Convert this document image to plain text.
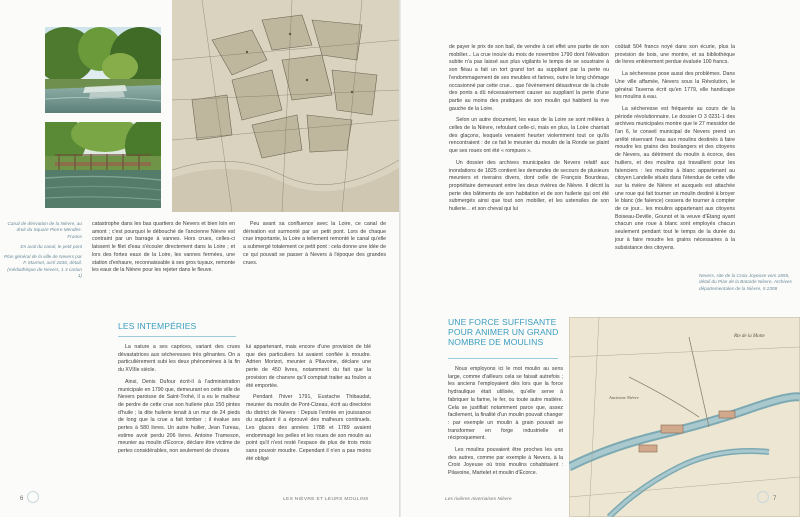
Canal de dérivation de la Nièvre, au droit du Square Pierre Mendès-France

En aval du canal, le petit pont

Plan général de la ville de Nevers par F. Marmet, avril 1836, détail. (médiathèque de Nevers, 1 3 carton 1)

catastrophe dans les bas quartiers de Nevers et bien loin en amont ; c'est pourquoi le débouché de l'ancienne Nièvre est contraint par un barrage à vannes. Hors crues, celles-ci laissent le filet d'eau s'écouler directement dans la Loire ; et lors des fortes eaux de la Loire, les vannes fermées, une station d'exhaure, reconnaissable à ses gros tuyaux, remonte les eaux de la Nièvre pour les rejeter dans le fleuve.

Peu avant sa confluence avec la Loire, ce canal de dérivation est surmonté par un petit pont. Lors de chaque crue importante, la Loire a tellement remonté le canal qu'elle a submergé totalement ce petit pont : cela donne une idée de ce qui pouvait se passer à Nevers à l'époque des grandes crues.

LES INTEMPÉRIES

La nature a ses caprices, variant des crues dévastatrices aux sécheresses très gênantes. On a particulièrement subi les deux phénomènes à la fin du XVIIIe siècle.

Ainsi, Denis Dufour écrit-il à l'administration municipale en 1790 que, demeurant en cette ville de Nevers paroisse de Saint-Trohé, il a eu le malheur de perdre de cette crue son huilerie plus 150 pintes d'huile ; la dite huilerie tenait à un mur de 24 pieds de long que la crue a fait tomber ; il évalue ses pertes à 580 livres. Un autre huilier, Jean Tureau, estime avoir perdu 206 livres. Antoine Trameson, meunier au moulin d'Écorce, déclare être victime de pertes considérables, non seulement de choses

lui appartenant, mais encore d'une provision de blé que des particuliers lui avaient confiée à moudre. Adrien Morizot, meunier à Pilavoine, déclare une perte de 450 livres, notamment du fait que la provision de chanvre qu'il comptait traiter au foulon a été emportée.

Pendant l'hiver 1791, Eustache Thibaudat, meunier du moulin de Pont-Cizeau, écrit au directoire du district de Nevers : Depuis l'entrée en jouissance du suppliant il a éprouvé des malheurs continuels. Les glaces des années 1788 et 1789 avaient endommagé les pelles et les roues de son moulin au point qu'il n'est resté l'espace de plus de trois mois sans pouvoir moudre. Cependant il n'en a pas moins été obligé

6	LES NIÈVRE ET LEURS MOULINS

de payer le prix de son bail, de vendre à cet effet une partie de son mobilier... La crue inouïe du mois de novembre 1790 dont l'élévation subite n'a pas laissé aux plus vigilants le temps de se soustraire à son fléau a fait un tort grand tort au suppliant par la perte ou l'endommagement de ses meubles et farines, outre le long chômage occasionné par cette crue... que l'événement désastreux de la chute des ponts a dû nécessairement causer au suppliant la perte d'une partie au moins des pratiques de son moulin qui habitent la rive gauche de la Loire.

Selon un autre document, les eaux de la Loire se sont mêlées à celles de la Nièvre, refoulant celle-ci, mais en plus, la Loire charriait des glaçons, lesquels venaient heurter violemment tout ce qu'ils rencontraient : de ce fait le meunier du moulin de la Ronde se plaint que ses roues ont été « rompues ».

Un dossier des archives municipales de Nevers relatif aux inondations de 1825 contient les demandes de secours de plusieurs meuniers et riverains divers, dont celle de François Bourdeau, propriétaire demeurant entre les deux rivières de Nièvre. Il décrit la perte des bâtiments de son habitation et de son huilerie qui ont été submergés ainsi que tout son mobilier, et les ustensiles de son huilerie... et son cheval qui lui

coûtait 504 francs noyé dans son écurie, plus la provision de bois, une montre, et sa bibliothèque de livres entièrement perdue évaluée 100 francs.

La sécheresse pose aussi des problèmes. Dans Une ville affamée, Nevers sous la Révolution, le général Taverna écrit qu'en 1779, elle handicape les moulins à eau.

La sécheresse est fréquente au cours de la période révolutionnaire. Le dossier O 3 0231-1 des archives municipales montre que le 27 messidor de l'an 6, le conseil municipal de Nevers prend un arrêté réservant l'eau aux moulins destinés à faire moudre les grains des boulangers et des citoyens de Nevers, au détriment du moulin à écorce, des huiliers, et des moulins qui travaillent pour les faïenciers : les moulins à blanc appartenant au citoyen Landelle situés dans l'étendue de cette ville sur la rivière de Nièvre et auxquels est attachée une roue qui fait tourner un moulin destiné à broyer le blanc (de faïence) cessera de tourner à compter de ce jour... les moulins appartenant aux citoyens Boiseau-Deville, Gounot et la veuve d'Étang ayant chacun une roue à blanc sont employés chacun seulement pendant tout le temps de la durée du jour à faire moudre les grains nécessaires à la subsistance des citoyens.

Nevers, site de la Croix Joyeuse vers 1855, détail du Plan de la Batarde Nièvre, Archives départementales de la Nièvre, 5 2308
UNE FORCE SUFFISANTE POUR ANIMER UN GRAND NOMBRE DE MOULINS

Nous employons ici le mot moulin au sens large, comme d'ailleurs cela se faisait autrefois ; les anciens l'employaient dès lors que la force hydraulique était utilisée, qu'elle serve à fabriquer la farine, le fer, ou toute autre matière. Cela se justifiait notamment parce que, assez facilement, la finalité d'un moulin pouvait changer : par exemple un moulin à grain pouvait se transformer en forge industrielle et réciproquement.

Les moulins pouvaient être proches les uns des autres, comme par exemple à Nevers, à la Croix Joyeuse où trois moulins cohabitaient : Pilavoine, Martelet et moulin d'Écorce.

Rte de la Motte
Ancienne Nièvre
Les rivières nivernaises Nièvre	7
